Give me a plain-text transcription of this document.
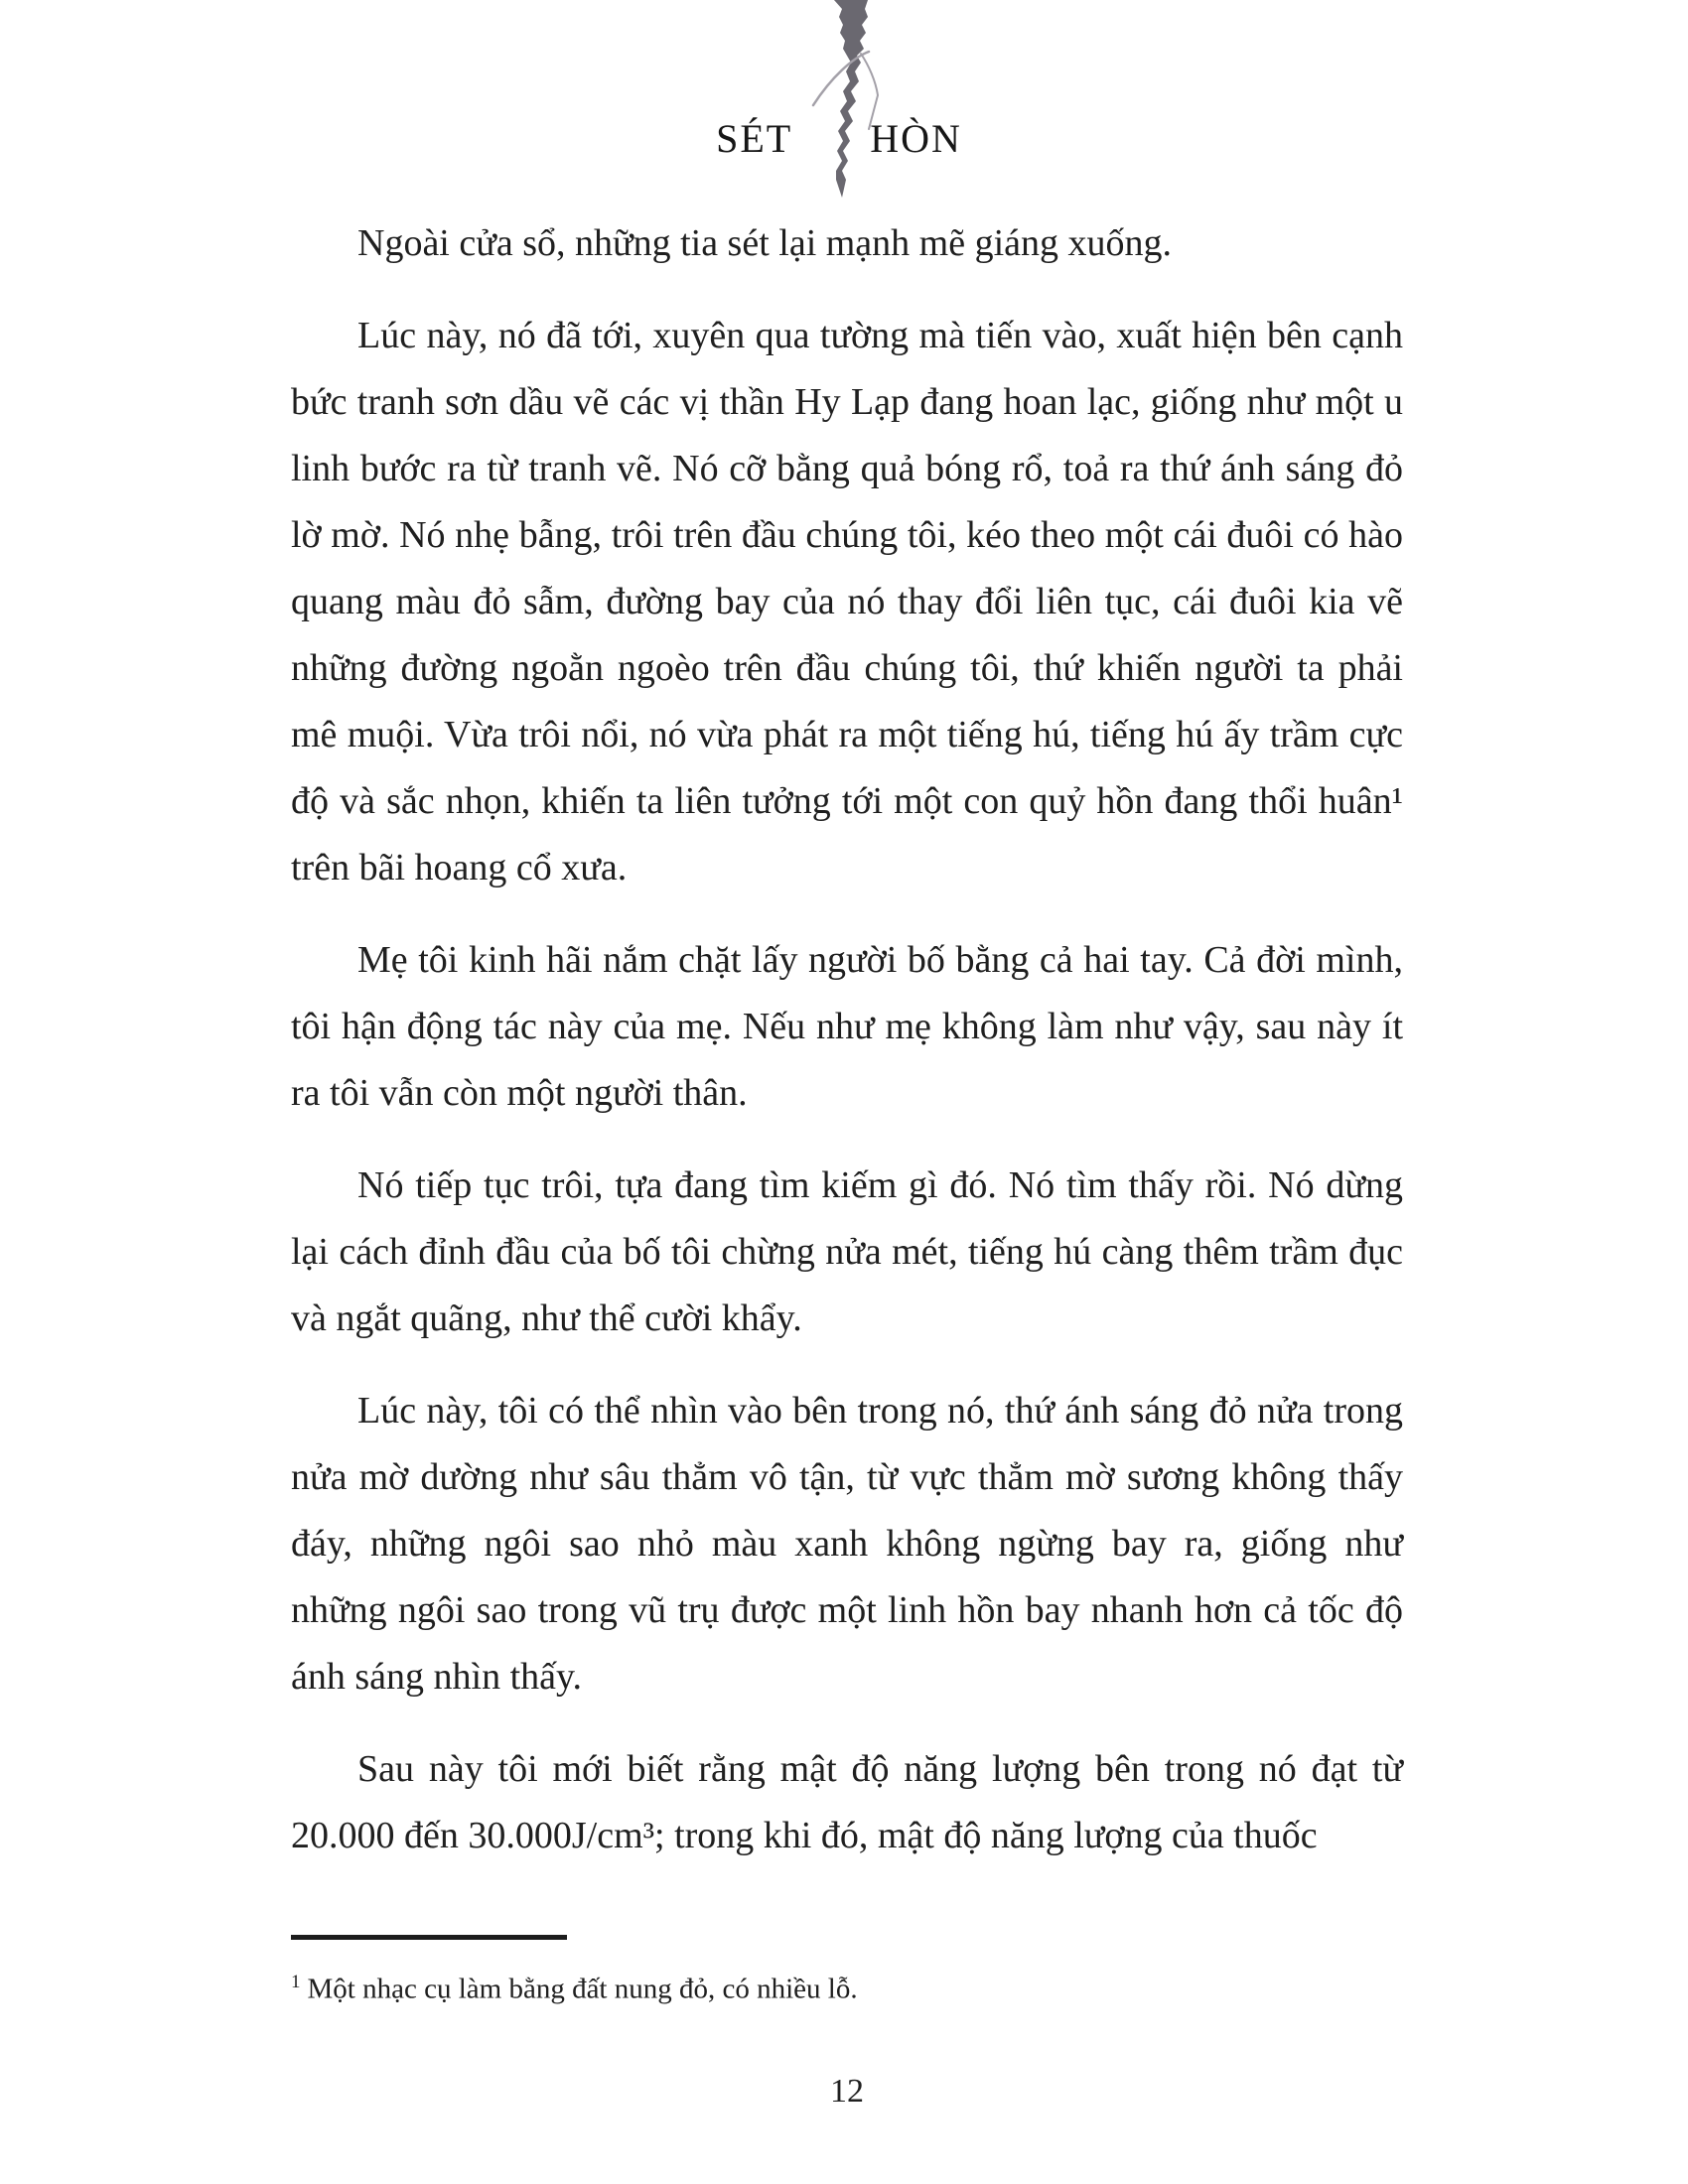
SÉT HÒN

Ngoài cửa sổ, những tia sét lại mạnh mẽ giáng xuống.

Lúc này, nó đã tới, xuyên qua tường mà tiến vào, xuất hiện bên cạnh bức tranh sơn dầu vẽ các vị thần Hy Lạp đang hoan lạc, giống như một u linh bước ra từ tranh vẽ. Nó cỡ bằng quả bóng rổ, toả ra thứ ánh sáng đỏ lờ mờ. Nó nhẹ bẫng, trôi trên đầu chúng tôi, kéo theo một cái đuôi có hào quang màu đỏ sẫm, đường bay của nó thay đổi liên tục, cái đuôi kia vẽ những đường ngoằn ngoèo trên đầu chúng tôi, thứ khiến người ta phải mê muội. Vừa trôi nổi, nó vừa phát ra một tiếng hú, tiếng hú ấy trầm cực độ và sắc nhọn, khiến ta liên tưởng tới một con quỷ hồn đang thổi huân¹ trên bãi hoang cổ xưa.

Mẹ tôi kinh hãi nắm chặt lấy người bố bằng cả hai tay. Cả đời mình, tôi hận động tác này của mẹ. Nếu như mẹ không làm như vậy, sau này ít ra tôi vẫn còn một người thân.

Nó tiếp tục trôi, tựa đang tìm kiếm gì đó. Nó tìm thấy rồi. Nó dừng lại cách đỉnh đầu của bố tôi chừng nửa mét, tiếng hú càng thêm trầm đục và ngắt quãng, như thể cười khẩy.

Lúc này, tôi có thể nhìn vào bên trong nó, thứ ánh sáng đỏ nửa trong nửa mờ dường như sâu thẳm vô tận, từ vực thẳm mờ sương không thấy đáy, những ngôi sao nhỏ màu xanh không ngừng bay ra, giống như những ngôi sao trong vũ trụ được một linh hồn bay nhanh hơn cả tốc độ ánh sáng nhìn thấy.

Sau này tôi mới biết rằng mật độ năng lượng bên trong nó đạt từ 20.000 đến 30.000J/cm³; trong khi đó, mật độ năng lượng của thuốc

$^1$ Một nhạc cụ làm bằng đất nung đỏ, có nhiều lỗ.
12
